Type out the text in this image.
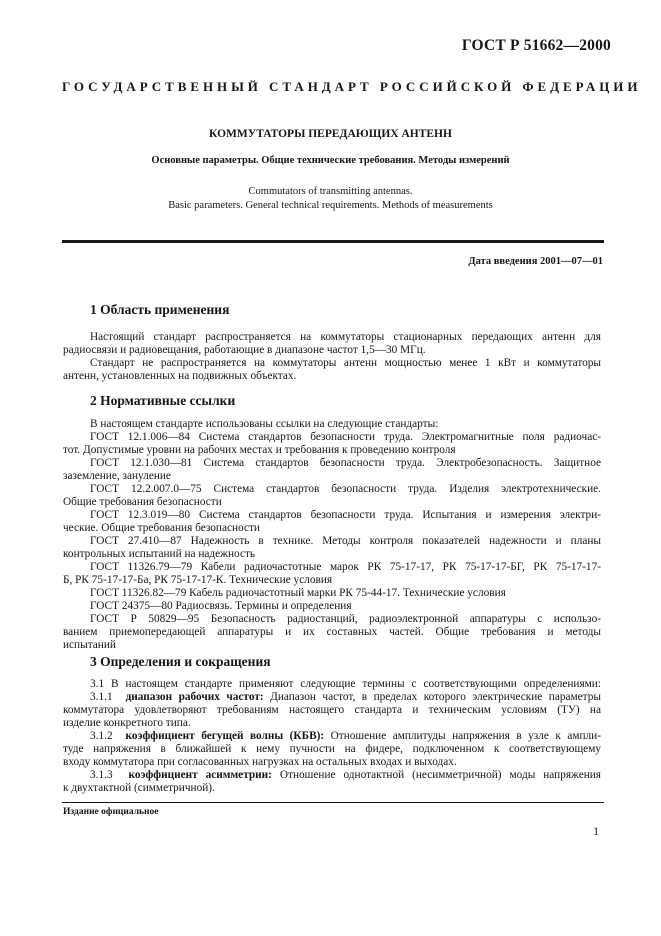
ГОСТ Р 51662—2000
ГОСУДАРСТВЕННЫЙ СТАНДАРТ РОССИЙСКОЙ ФЕДЕРАЦИИ
КОММУТАТОРЫ ПЕРЕДАЮЩИХ АНТЕНН
Основные параметры. Общие технические требования. Методы измерений
Commutators of transmitting antennas.
Basic parameters. General technical requirements. Methods of measurements
Дата введения 2001—07—01
1 Область применения
Настоящий стандарт распространяется на коммутаторы стационарных передающих антенн для
радиосвязи и радиовещания, работающие в диапазоне частот 1,5—30 МГц.
Стандарт не распространяется на коммутаторы антенн мощностью менее 1 кВт и коммутаторы
антенн, установленных на подвижных объектах.
2 Нормативные ссылки
В настоящем стандарте использованы ссылки на следующие стандарты:
ГОСТ 12.1.006—84 Система стандартов безопасности труда. Электромагнитные поля радиочас-
тот. Допустимые уровни на рабочих местах и требования к проведению контроля
ГОСТ 12.1.030—81 Система стандартов безопасности труда. Электробезопасность. Защитное
заземление, зануление
ГОСТ 12.2.007.0—75 Система стандартов безопасности труда. Изделия электротехнические.
Общие требования безопасности
ГОСТ 12.3.019—80 Система стандартов безопасности труда. Испытания и измерения электри-
ческие. Общие требования безопасности
ГОСТ 27.410—87 Надежность в технике. Методы контроля показателей надежности и планы
контрольных испытаний на надежность
ГОСТ 11326.79—79 Кабели радиочастотные марок РК 75-17-17, РК 75-17-17-БГ, РК 75-17-17-
Б, РК 75-17-17-Ба, РК 75-17-17-К. Технические условия
ГОСТ 11326.82—79 Кабель радиочастотный марки РК 75-44-17. Технические условия
ГОСТ 24375—80 Радиосвязь. Термины и определения
ГОСТ Р 50829—95 Безопасность радиостанций, радиоэлектронной аппаратуры с использо-
ванием приемопередающей аппаратуры и их составных частей. Общие требования и методы
испытаний
3 Определения и сокращения
3.1 В настоящем стандарте применяют следующие термины с соответствующими определениями:
3.1.1 диапазон рабочих частот: Диапазон частот, в пределах которого электрические параметры
коммутатора удовлетворяют требованиям настоящего стандарта и техническим условиям (ТУ) на
изделие конкретного типа.
3.1.2 коэффициент бегущей волны (КБВ): Отношение амплитуды напряжения в узле к ампли-
туде напряжения в ближайшей к нему пучности на фидере, подключенном к соответствующему
входу коммутатора при согласованных нагрузках на остальных входах и выходах.
3.1.3 коэффициент асимметрии: Отношение однотактной (несимметричной) моды напряжения
к двухтактной (симметричной).
Издание официальное
1
